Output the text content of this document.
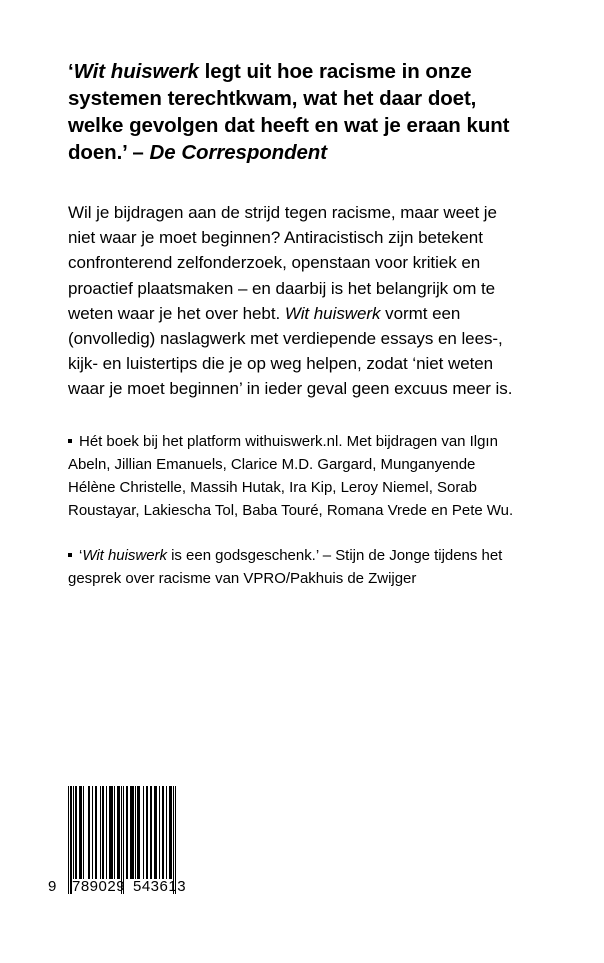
‘Wit huiswerk legt uit hoe racisme in onze systemen terechtkwam, wat het daar doet, welke gevolgen dat heeft en wat je eraan kunt doen.’ – De Correspondent

Wil je bijdragen aan de strijd tegen racisme, maar weet je niet waar je moet beginnen? Antiracistisch zijn betekent confronterend zelfonderzoek, openstaan voor kritiek en proactief plaatsmaken – en daarbij is het belangrijk om te weten waar je het over hebt. Wit huiswerk vormt een (onvolledig) naslagwerk met verdiepende essays en lees-, kijk- en luistertips die je op weg helpen, zodat ‘niet weten waar je moet beginnen’ in ieder geval geen excuus meer is.

Hét boek bij het platform withuiswerk.nl. Met bijdragen van Ilgın Abeln, Jillian Emanuels, Clarice M.D. Gargard, Munganyende Hélène Christelle, Massih Hutak, Ira Kip, Leroy Niemel, Sorab Roustayar, Lakiescha Tol, Baba Touré, Romana Vrede en Pete Wu.

‘Wit huiswerk is een godsgeschenk.’ – Stijn de Jonge tijdens het gesprek over racisme van VPRO/Pakhuis de Zwijger

9

789029

543613
